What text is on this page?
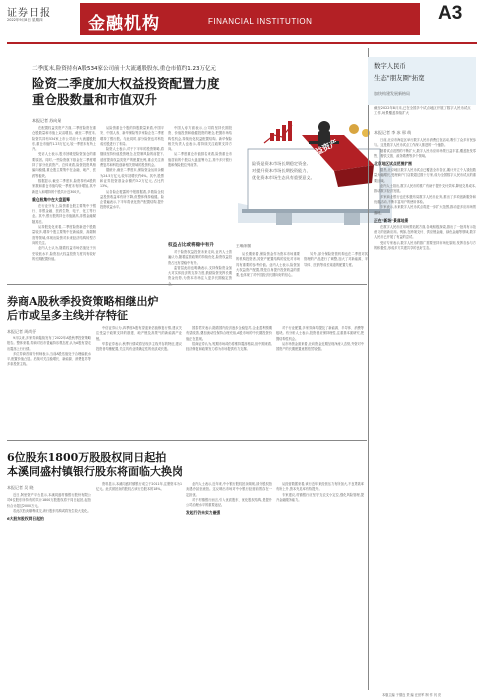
证券日报
2022年9月8日 星期四	金融机构	FINANCIAL INSTITUTION	A3
二季度末,险资持有A股534家公司前十大流通股股东,重仓市值约1.23万亿元
险资二季度加大权益投资配置力度
重仓股数量和市值双升
本报记者 苏向杲

在配置权益类资产方面,二季度险资在重仓股数量和市值上双双增加。截至二季度末,险资共持有534家上市公司前十大流通股股东,重仓市值约1.23万亿元,较一季度末有所上升。

受访人士表示,股市回暖是险资加仓的重要原因。同时,一些险资旗下基金在二季度增持了部分优质资产。总体来看,险资投资风格偏向稳健,重仓股主要集中在金融、地产、医药等板块。

数据显示,截至二季度末,险资持有A股的家数和重仓市值均较一季度末有所增加,其中新进入和增持的个股共计近300只。

重仓股集中在大盘蓝筹

在行业分布上,险资重仓股主要集中于银行、非银金融、医药生物、电子、化工等行业。其中,银行股的持仓市值最高,非银金融紧随其后。

从持股变化来看,二季度险资新进个股数量较多,增持个股主要集中在新能源、高端制造等领域,体现出险资对未来经济结构转型方向的关注。

业内人士认为,随着权益市场估值处于历史较低水平,险资加大权益投资力度具有较好的长期配置价值。

从险资重仓个股的持股数量来看,中国平安、中国人寿、新华保险等多家险企在二季度增持了银行股。与此同时,部分险资也对科技成长股进行了布局。

险资人士表示,对于下半年的投资策略,将继续坚持价值投资理念,在控制风险的前提下,适度提高权益类资产的配置比例,重点关注消费复苏和科技创新相关领域的投资机会。

据统计,截至二季度末,保险资金运用余额为24.5万亿元,较年初增长约6%。其中,股票和证券投资基金余额约3.2万亿元,占比约13%。

从各险企披露的中报数据看,多数险企权益投资收益率有所下降,但整体保持稳健。险企普遍表示,下半年将优化资产配置结构,提升投资收益水平。

中国人寿方面表示,公司将坚持长期投资、价值投资和稳健投资的理念,把握市场结构性机会,持续优化权益配置结构。新华保险相关负责人也表示,将持续关注政策支持方向。

从二季度重仓市值排名来看,险资重仓市值居前的个股以大盘蓝筹为主,其中多只银行股和保险股位列前茅。

权益占比或将稳中有升

对于险资权益投资未来走向,业内人士普遍认为,随着监管政策的持续优化,险资权益投资占比有望稳中有升。

监管层此前也明确表示,支持保险资金加大对实体经济的支持力度,鼓励险资发挥长期资金优势,为资本市场注入更多长期稳定资

权益资产
险资是资本市场长期稳定资金,
对提升资本市场长期投资能力、
优化资本市场生态具有重要意义。
王琳/制图

从长期来看,保险资金作为资本市场重要的机构投资者,其资产配置结构的变化对市场具有重要的参考价值。业内人士表示,险资加大权益资产配置,既是自身提升投资收益的需要,也体现了对中国经济长期向好的信心。

另外,部分保险资管机构也在二季度对其管理的产品进行了调整,加大了对新能源、半导体、医药等成长赛道的配置力度。

券商A股秋季投资策略相继出炉
后市或呈多主线并存特征
本报记者 周尚伃

9月以来,多家券商陆续发布了2022年A股秋季投资策略报告。整体来看,券商对后市普遍持乐观态度,认为A股有望走出震荡上行行情。

多位券商首席分析师表示,当前A股估值处于合理偏低水平,配置价值凸显。后续可关注稳增长、新能源、消费复苏等多条投资主线。

中信证券认为,四季度A股有望迎来估值修复行情,建议关注受益于政策支持的基建、地产链及高景气的新能源产业链。

华泰证券表示,秋季行情或将呈现多主线并存的特征,建议投资者均衡配置,关注具有业绩确定性的优质成长股。

国泰君安表示,随着国内经济逐步企稳复苏,企业盈利预期有望改善,叠加流动性保持合理充裕,A股市场的中长期投资价值正在显现。

招商证券认为,短期市场或仍将维持震荡格局,但中期来看,经济修复和政策发力将为市场提供有力支撑。

对于行业配置,多家券商均提及了新能源、半导体、消费等板块。有分析人士表示,投资者应保持理性,注重基本面研究,把握结构性机会。

从市场资金面来看,北向资金近期呈现净流入态势,外资对中国资产的长期配置意愿依然较强。

6位股东1800万股股权同日起拍
本溪同盛村镇银行股东将面临大换岗
本报记者 吴 晓

近日,阿里资产平台显示,本溪同盛村镇银行股份有限公司6位股东所持有的共计1800万股股权将于同日起拍,起拍价合计超过2000万元。

若此次拍卖顺利成交,该行股东结构或将发生较大变化。

6大股东股权同日起拍

资料显示,本溪同盛村镇银行成立于2011年,注册资本为1亿元。此次被拍卖的股权占该行总股本的18%。

业内人士表示,近年来,中小银行股权拍卖频现,部分股权拍卖遇冷甚至流拍。这反映出市场对中小银行经营前景存在一定担忧。

对于村镇银行而言,引入优质股东、优化股权结构,是提升公司治理水平的重要途径。

发起行仍未实力最强

从经营数据来看,该行近年来经营压力有所加大,不良贷款率有所上升,资本充足率有待提升。

专家建议,村镇银行应坚守支农支小定位,强化风险管理,提升金融服务能力。

数字人民币
生态"朋友圈"拓宽
加快构建发展新格局
截至2022年8月末,已在全国多个试点地区开展了数字人民币试点工作,场景覆盖持续扩大
本报记者 李 冰 邢 萌

日前,北京市海淀区举行数字人民币消费红包活动,吸引了众多市民参与。这是数字人民币试点工作深入推进的一个缩影。

随着试点范围的不断扩大,数字人民币应用场景日益丰富,覆盖批发零售、餐饮文旅、政务缴费等多个领域。

北京地区试点范围扩围

据悉,北京地区数字人民币试点已覆盖全市各区,累计开立个人钱包数量大幅增长,受理商户门店数超过数十万家,成为全国数字人民币试点的重要区域。

业内人士指出,数字人民币的推广有助于提升支付效率,降低交易成本,推动数字经济发展。

多家商业银行也在积极布局数字人民币业务,推出了多项创新服务和优惠活动,不断丰富用户的使用体验。

专家表示,未来数字人民币试点将进一步扩大范围,推动更多应用场景落地。

正在"新场"景落地景

在数字人民币应用场景拓展方面,各地积极探索,推出了一批具有示范意义的创新应用。例如,在跨境支付、供应链金融、绿色金融等领域,数字人民币已开展了有益的尝试。

受访专家表示,数字人民币的推广需要坚持市场化原则,发挥各参与方的积极性,形成多方共建共享的良好生态。

本版主编 于德良 责 编 汪世军 制 作 闫 亮
